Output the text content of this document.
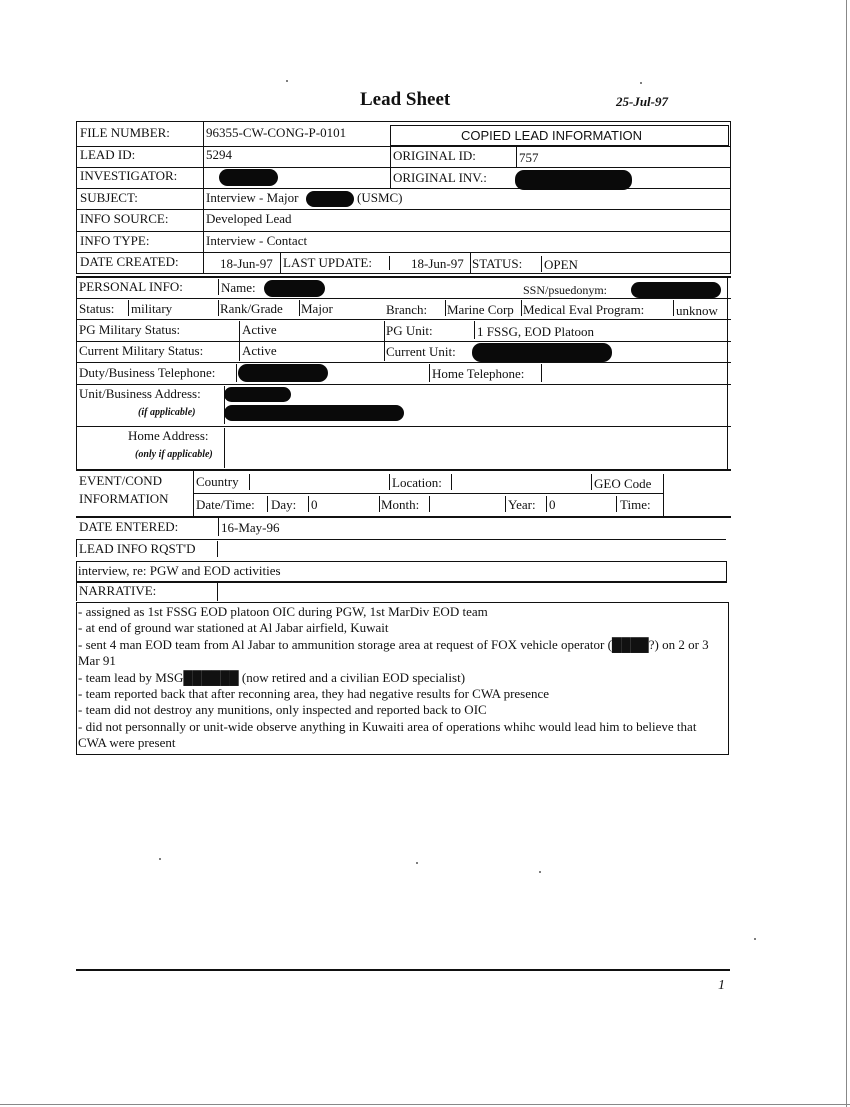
Lead Sheet	25-Jul-97
FILE NUMBER:	96355-CW-CONG-P-0101	COPIED LEAD INFORMATION
LEAD ID:	5294	ORIGINAL ID:	757
INVESTIGATOR:	ORIGINAL INV.:
SUBJECT:	Interview - Major	(USMC)
INFO SOURCE:	Developed Lead
INFO TYPE:	Interview - Contact
DATE CREATED:	18-Jun-97 LAST UPDATE:	18-Jun-97 STATUS: OPEN
PERSONAL INFO:	Name:	SSN/psuedonym:
Status: military	Rank/Grade Major	Branch: Marine Corp Medical Eval Program: unknow
PG Military Status:	Active	PG Unit:	1 FSSG, EOD Platoon
Current Military Status:	Active	Current Unit:
Duty/Business Telephone:	Home Telephone:
Unit/Business Address:
(if applicable)
Home Address:
(only if applicable)
EVENT/COND
INFORMATION
Country	Location:	GEO Code
Date/Time: Day: 0	Month:	Year: 0	Time:
DATE ENTERED:	16-May-96
LEAD INFO RQST'D
interview, re: PGW and EOD activities
NARRATIVE:
- assigned as 1st FSSG EOD platoon OIC during PGW, 1st MarDiv EOD team
- at end of ground war stationed at Al Jabar airfield, Kuwait
- sent 4 man EOD team from Al Jabar to ammunition storage area at request of FOX vehicle operator (████?) on 2 or 3 Mar 91
- team lead by MSG██████ (now retired and a civilian EOD specialist)
- team reported back that after reconning area, they had negative results for CWA presence
- team did not destroy any munitions, only inspected and reported back to OIC
- did not personnally or unit-wide observe anything in Kuwaiti area of operations whihc would lead him to believe that CWA were present
1
